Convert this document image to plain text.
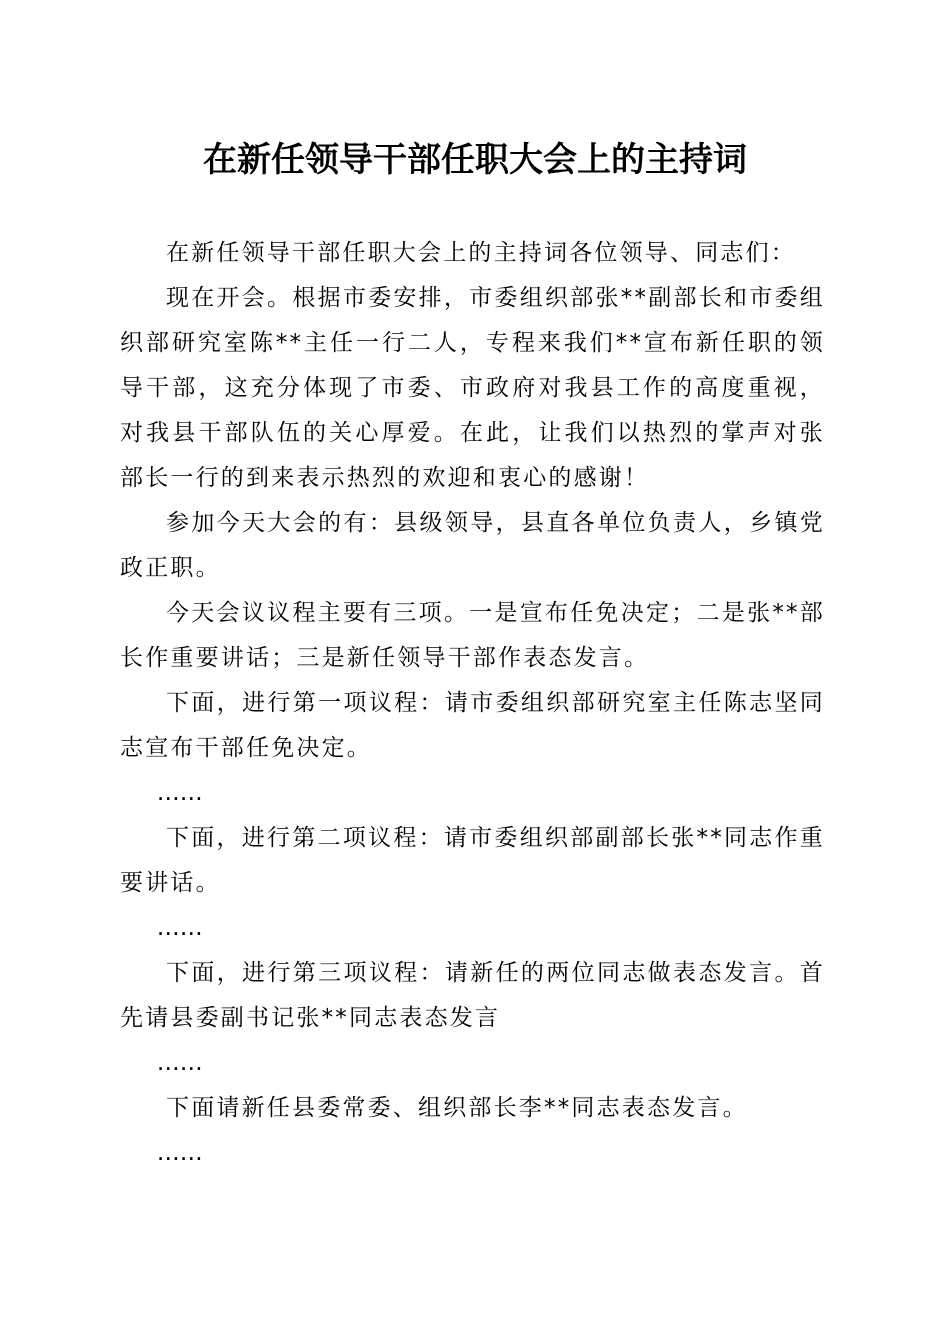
在新任领导干部任职大会上的主持词

在新任领导干部任职大会上的主持词各位领导、同志们：

现在开会。根据市委安排，市委组织部张**副部长和市委组织部研究室陈**主任一行二人，专程来我们**宣布新任职的领导干部，这充分体现了市委、市政府对我县工作的高度重视，对我县干部队伍的关心厚爱。在此，让我们以热烈的掌声对张部长一行的到来表示热烈的欢迎和衷心的感谢！

参加今天大会的有：县级领导，县直各单位负责人，乡镇党政正职。

今天会议议程主要有三项。一是宣布任免决定；二是张**部长作重要讲话；三是新任领导干部作表态发言。

下面，进行第一项议程：请市委组织部研究室主任陈志坚同志宣布干部任免决定。

……

下面，进行第二项议程：请市委组织部副部长张**同志作重要讲话。

……

下面，进行第三项议程：请新任的两位同志做表态发言。首先请县委副书记张**同志表态发言

……

下面请新任县委常委、组织部长李**同志表态发言。

……
